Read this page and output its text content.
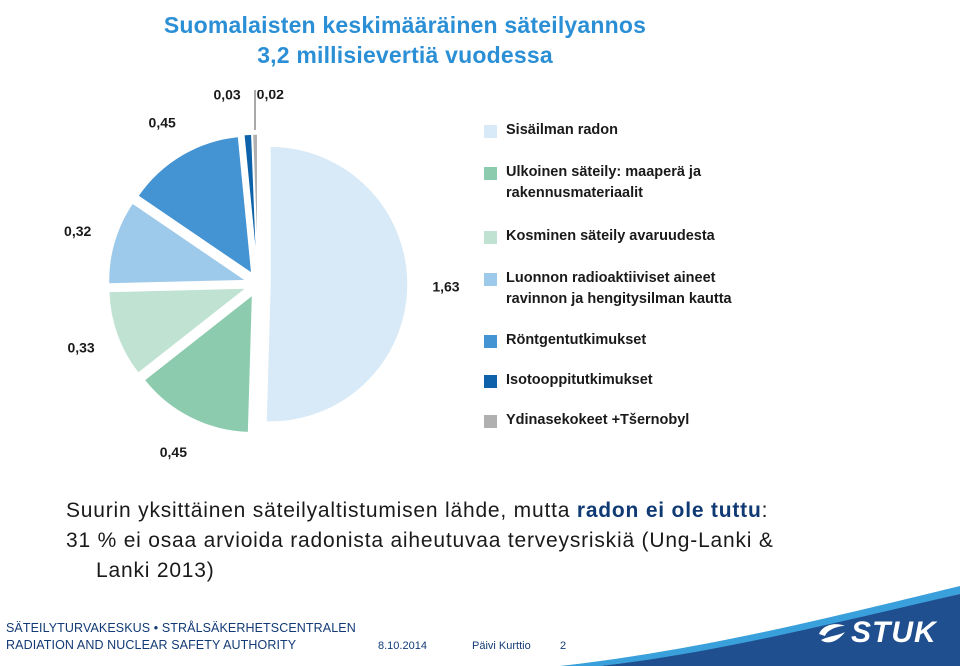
Suomalaisten keskimääräinen säteilyannos
3,2 millisievertiä vuodessa
1,63
0,45
0,33
0,32
0,45
0,03 0,02
Sisäilman radon
Ulkoinen säteily: maaperä ja
rakennusmateriaalit
Kosminen säteily avaruudesta
Luonnon radioaktiiviset aineet
ravinnon ja hengitysilman kautta
Röntgentutkimukset
Isotooppitutkimukset
Ydinasekokeet +Tšernobyl

Suurin yksittäinen säteilyaltistumisen lähde, mutta radon ei ole tuttu:

31 % ei osaa arvioida radonista aiheutuvaa terveysriskiä (Ung-Lanki &

Lanki 2013)

SÄTEILYTURVAKESKUS • STRÅLSÄKERHETSCENTRALEN
RADIATION AND NUCLEAR SAFETY AUTHORITY	8.10.2014	Päivi Kurttio	2	STUK
